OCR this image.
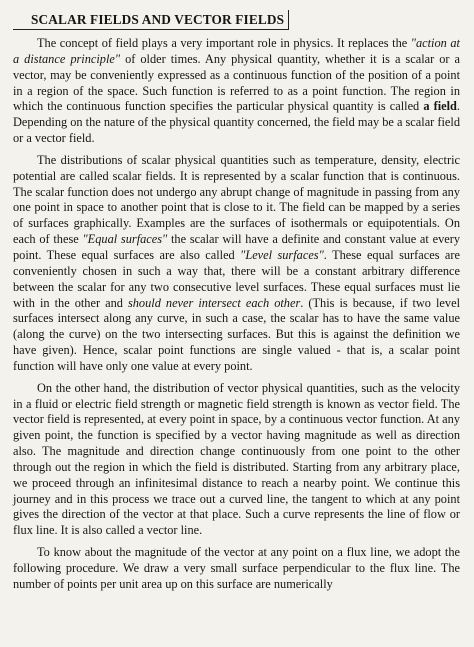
SCALAR FIELDS AND VECTOR FIELDS

The concept of field plays a very important role in physics. It replaces the "action at a distance principle" of older times. Any physical quantity, whether it is a scalar or a vector, may be conveniently expressed as a continuous function of the position of a point in a region of the space. Such function is referred to as a point function. The region in which the continuous function specifies the particular physical quantity is called a field. Depending on the nature of the physical quantity concerned, the field may be a scalar field or a vector field.

The distributions of scalar physical quantities such as temperature, density, electric potential are called scalar fields. It is represented by a scalar function that is continuous. The scalar function does not undergo any abrupt change of magnitude in passing from any one point in space to another point that is close to it. The field can be mapped by a series of surfaces graphically. Examples are the surfaces of isothermals or equipotentials. On each of these "Equal surfaces" the scalar will have a definite and constant value at every point. These equal surfaces are also called "Level surfaces". These equal surfaces are conveniently chosen in such a way that, there will be a constant arbitrary difference between the scalar for any two consecutive level surfaces. These equal surfaces must lie with in the other and should never intersect each other. (This is because, if two level surfaces intersect along any curve, in such a case, the scalar has to have the same value (along the curve) on the two intersecting surfaces. But this is against the definition we have given). Hence, scalar point functions are single valued - that is, a scalar point function will have only one value at every point.

On the other hand, the distribution of vector physical quantities, such as the velocity in a fluid or electric field strength or magnetic field strength is known as vector field. The vector field is represented, at every point in space, by a continuous vector function. At any given point, the function is specified by a vector having magnitude as well as direction also. The magnitude and direction change continuously from one point to the other through out the region in which the field is distributed. Starting from any arbitrary place, we proceed through an infinitesimal distance to reach a nearby point. We continue this journey and in this process we trace out a curved line, the tangent to which at any point gives the direction of the vector at that place. Such a curve represents the line of flow or flux line. It is also called a vector line.

To know about the magnitude of the vector at any point on a flux line, we adopt the following procedure. We draw a very small surface perpendicular to the flux line. The number of points per unit area up on this surface are numerically
